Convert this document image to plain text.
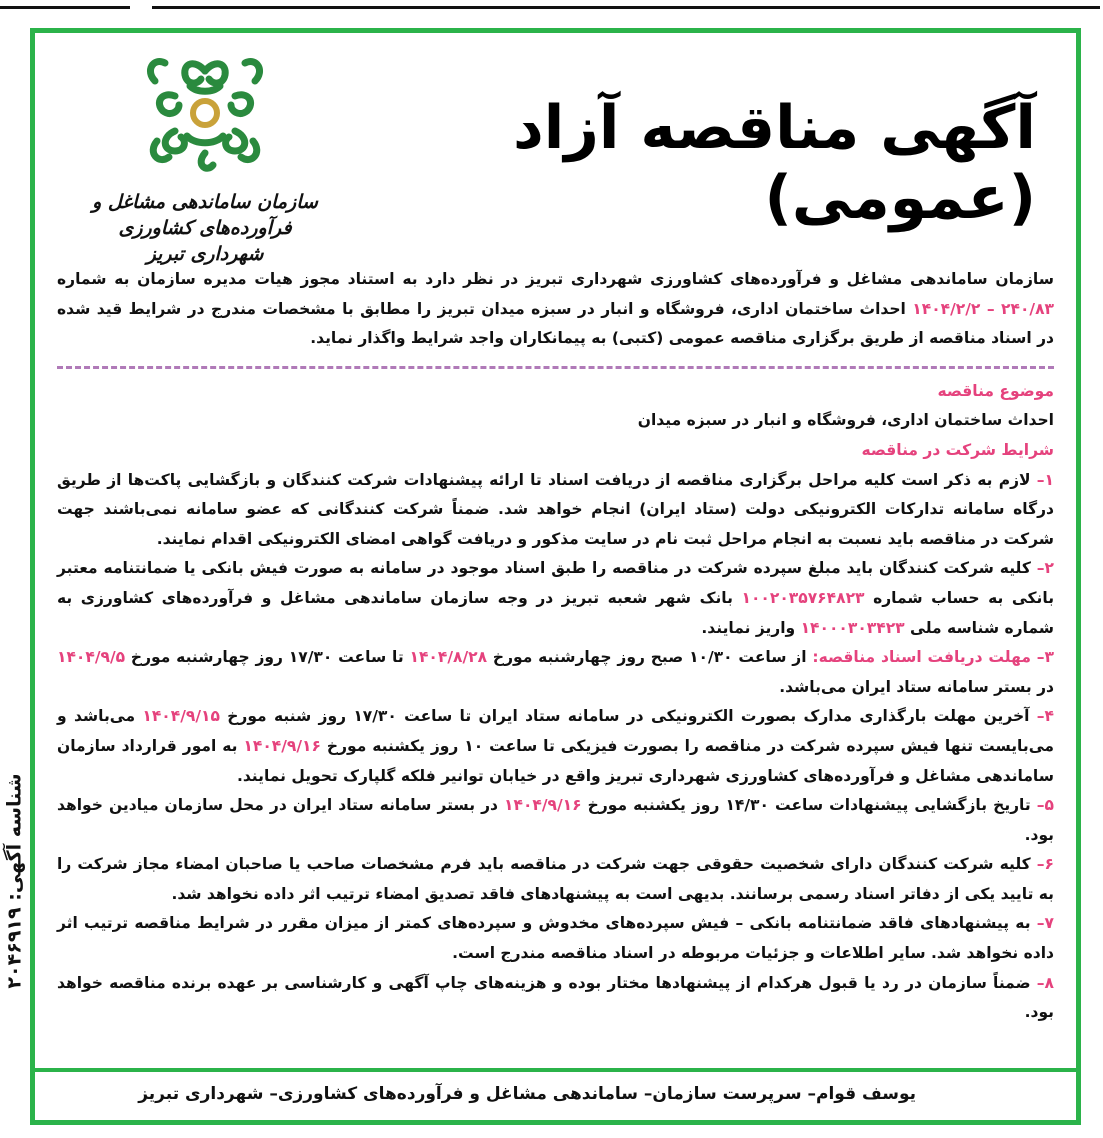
شناسه آگهی: ۲۰۴۶۹۱۹
سازمان ساماندهی مشاغل و فرآورده‌های کشاورزی
شهرداری تبریز
آگهی مناقصه آزاد (عمومی)

سازمان ساماندهی مشاغل و فرآورده‌های کشاورزی شهرداری تبریز در نظر دارد به استناد مجوز هیات مدیره سازمان به شماره ۲۴۰/۸۳ – ۱۴۰۴/۲/۲ احداث ساختمان اداری، فروشگاه و انبار در سبزه میدان تبریز را مطابق با مشخصات مندرج در شرایط قید شده در اسناد مناقصه از طریق برگزاری مناقصه عمومی (کتبی) به پیمانکاران واجد شرایط واگذار نماید.

موضوع مناقصه

احداث ساختمان اداری، فروشگاه و انبار در سبزه میدان

شرایط شرکت در مناقصه

۱– لازم به ذکر است کلیه مراحل برگزاری مناقصه از دریافت اسناد تا ارائه پیشنهادات شرکت کنندگان و بازگشایی پاکت‌ها از طریق درگاه سامانه تدارکات الکترونیکی دولت (ستاد ایران) انجام خواهد شد. ضمناً شرکت کنندگانی که عضو سامانه نمی‌باشند جهت شرکت در مناقصه باید نسبت به انجام مراحل ثبت نام در سایت مذکور و دریافت گواهی امضای الکترونیکی اقدام نمایند.

۲– کلیه شرکت کنندگان باید مبلغ سپرده شرکت در مناقصه را طبق اسناد موجود در سامانه به صورت فیش بانکی یا ضمانتنامه معتبر بانکی به حساب شماره ۱۰۰۲۰۳۵۷۶۴۸۲۳ بانک شهر شعبه تبریز در وجه سازمان ساماندهی مشاغل و فرآورده‌های کشاورزی به شماره شناسه ملی ۱۴۰۰۰۳۰۳۴۲۳ واریز نمایند.

۳– مهلت دریافت اسناد مناقصه: از ساعت ۱۰/۳۰ صبح روز چهارشنبه مورخ ۱۴۰۴/۸/۲۸ تا ساعت ۱۷/۳۰ روز چهارشنبه مورخ ۱۴۰۴/۹/۵ در بستر سامانه ستاد ایران می‌باشد.

۴– آخرین مهلت بارگذاری مدارک بصورت الکترونیکی در سامانه ستاد ایران تا ساعت ۱۷/۳۰ روز شنبه مورخ ۱۴۰۴/۹/۱۵ می‌باشد و می‌بایست تنها فیش سپرده شرکت در مناقصه را بصورت فیزیکی تا ساعت ۱۰ روز یکشنبه مورخ ۱۴۰۴/۹/۱۶ به امور قرارداد سازمان ساماندهی مشاغل و فرآورده‌های کشاورزی شهرداری تبریز واقع در خیابان توانیر فلکه گلپارک تحویل نمایند.

۵– تاریخ بازگشایی پیشنهادات ساعت ۱۴/۳۰ روز یکشنبه مورخ ۱۴۰۴/۹/۱۶ در بستر سامانه ستاد ایران در محل سازمان میادین خواهد بود.

۶– کلیه شرکت کنندگان دارای شخصیت حقوقی جهت شرکت در مناقصه باید فرم مشخصات صاحب یا صاحبان امضاء مجاز شرکت را به تایید یکی از دفاتر اسناد رسمی برسانند. بدیهی است به پیشنهادهای فاقد تصدیق امضاء ترتیب اثر داده نخواهد شد.

۷– به پیشنهادهای فاقد ضمانتنامه بانکی – فیش سپرده‌های مخدوش و سپرده‌های کمتر از میزان مقرر در شرایط مناقصه ترتیب اثر داده نخواهد شد. سایر اطلاعات و جزئیات مربوطه در اسناد مناقصه مندرج است.

۸– ضمناً سازمان در رد یا قبول هرکدام از پیشنهادها مختار بوده و هزینه‌های چاپ آگهی و کارشناسی بر عهده برنده مناقصه خواهد بود.

یوسف قوام– سرپرست سازمان– ساماندهی مشاغل و فرآورده‌های کشاورزی– شهرداری تبریز
